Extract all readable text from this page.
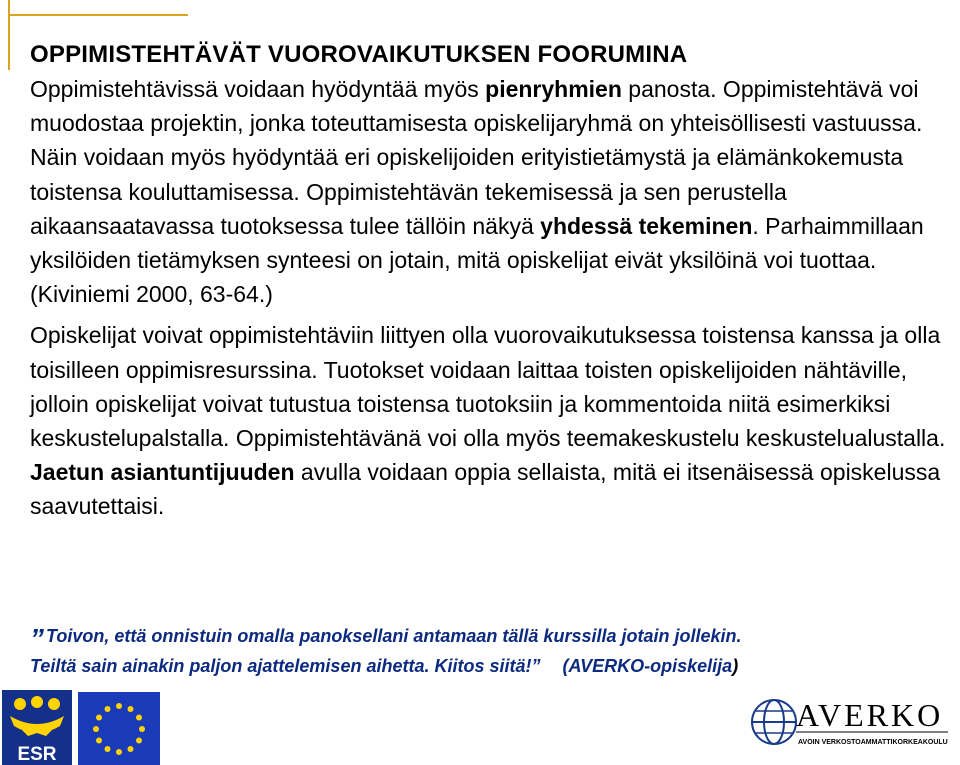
OPPIMISTEHTÄVÄT VUOROVAIKUTUKSEN FOORUMINA

Oppimistehtävissä voidaan hyödyntää myös pienryhmien panosta. Oppimistehtävä voi muodostaa projektin, jonka toteuttamisesta opiskelijaryhmä on yhteisöllisesti vastuussa. Näin voidaan myös hyödyntää eri opiskelijoiden erityistietämystä ja elämänkokemusta toistensa kouluttamisessa. Oppimistehtävän tekemisessä ja sen perustella aikaansaatavassa tuotoksessa tulee tällöin näkyä yhdessä tekeminen. Parhaimmillaan yksilöiden tietämyksen synteesi on jotain, mitä opiskelijat eivät yksilöinä voi tuottaa. (Kiviniemi 2000, 63-64.)

Opiskelijat voivat oppimistehtäviin liittyen olla vuorovaikutuksessa toistensa kanssa ja olla toisilleen oppimisresurssina. Tuotokset voidaan laittaa toisten opiskelijoiden nähtäville, jolloin opiskelijat voivat tutustua toistensa tuotoksiin ja kommentoida niitä esimerkiksi keskustelupalstalla. Oppimistehtävänä voi olla myös teemakeskustelu keskustelualustalla. Jaetun asiantuntijuuden avulla voidaan oppia sellaista, mitä ei itsenäisessä opiskelussa saavutettaisi.

” Toivon, että onnistuin omalla panoksellani antamaan tällä kurssilla jotain jollekin.
Teiltä sain ainakin paljon ajattelemisen aihetta. Kiitos siitä!” (AVERKO-opiskelija)
ESR
AVERKO
AVOIN VERKOSTOAMMATTIKORKEAKOULU
